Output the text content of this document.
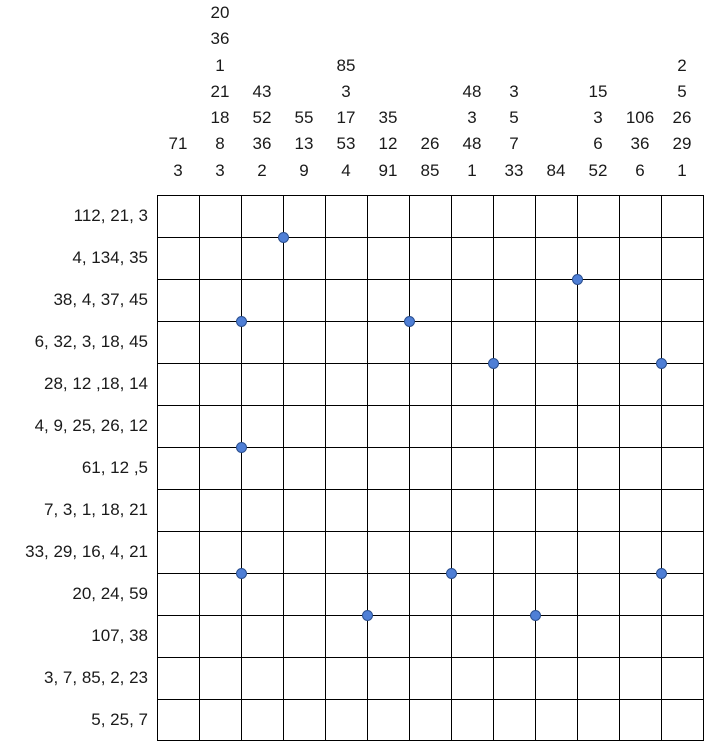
71
3
20
36
1
21
18
8
3
43
52
36
2
55
13
9
85
3
17
53
4
35
12
91
26
85
48
3
48
1
3
5
7
33	84
15
3
6
52
106
36
6
2
5
26
29
1
112, 21, 3
4, 134, 35
38, 4, 37, 45
6, 32, 3, 18, 45
28, 12 ,18, 14
4, 9, 25, 26, 12
61, 12 ,5
7, 3, 1, 18, 21
33, 29, 16, 4, 21
20, 24, 59
107, 38
3, 7, 85, 2, 23
5, 25, 7
